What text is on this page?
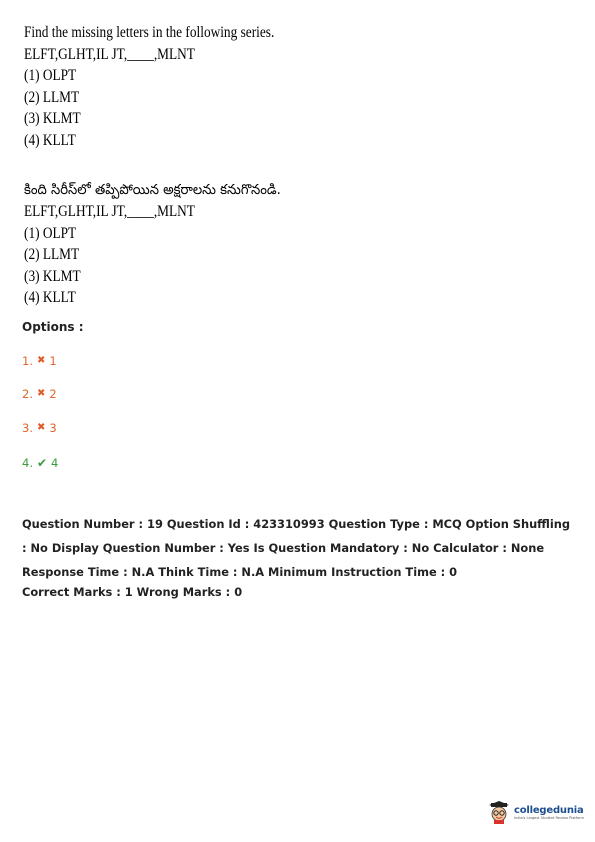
Find the missing letters in the following series.
ELFT,GLHT,IL JT,____,MLNT
(1) OLPT
(2) LLMT
(3) KLMT
(4) KLLT
కింది సిరీస్‌లో తప్పిపోయిన అక్షరాలను కనుగొనండి.
ELFT,GLHT,IL JT,____,MLNT
(1) OLPT
(2) LLMT
(3) KLMT
(4) KLLT
Options :
1. ✖ 1
2. ✖ 2
3. ✖ 3
4. ✔ 4
Question Number : 19 Question Id : 423310993 Question Type : MCQ Option Shuffling : No Display Question Number : Yes Is Question Mandatory : No Calculator : None Response Time : N.A Think Time : N.A Minimum Instruction Time : 0
Correct Marks : 1 Wrong Marks : 0
collegedunia
India's Largest Student Review Platform
